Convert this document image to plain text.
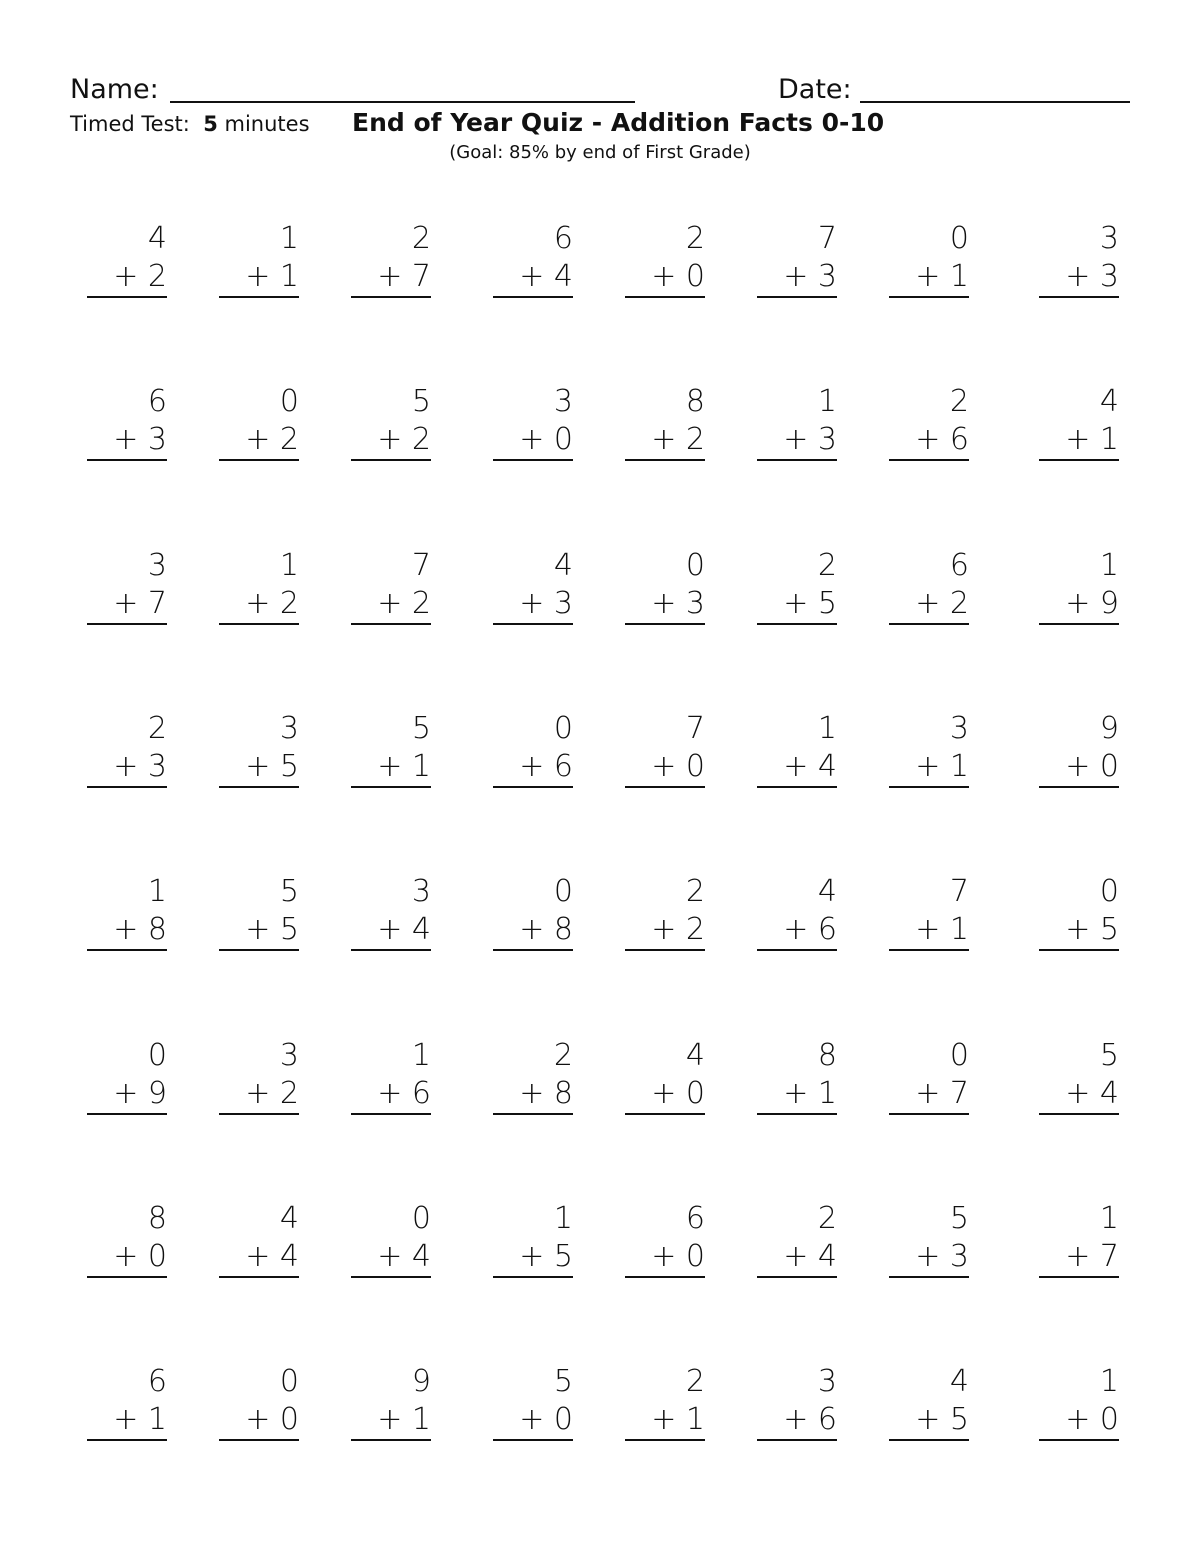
Name:	Date:
Timed Test: 5 minutes End of Year Quiz - Addition Facts 0-10
(Goal: 85% by end of First Grade)
4
+ 2
1
+ 1
2
+ 7
6
+ 4
2
+ 0
7
+ 3
0
+ 1
3
+ 3
6
+ 3
0
+ 2
5
+ 2
3
+ 0
8
+ 2
1
+ 3
2
+ 6
4
+ 1
3
+ 7
1
+ 2
7
+ 2
4
+ 3
0
+ 3
2
+ 5
6
+ 2
1
+ 9
2
+ 3
3
+ 5
5
+ 1
0
+ 6
7
+ 0
1
+ 4
3
+ 1
9
+ 0
1
+ 8
5
+ 5
3
+ 4
0
+ 8
2
+ 2
4
+ 6
7
+ 1
0
+ 5
0
+ 9
3
+ 2
1
+ 6
2
+ 8
4
+ 0
8
+ 1
0
+ 7
5
+ 4
8
+ 0
4
+ 4
0
+ 4
1
+ 5
6
+ 0
2
+ 4
5
+ 3
1
+ 7
6
+ 1
0
+ 0
9
+ 1
5
+ 0
2
+ 1
3
+ 6
4
+ 5
1
+ 0
